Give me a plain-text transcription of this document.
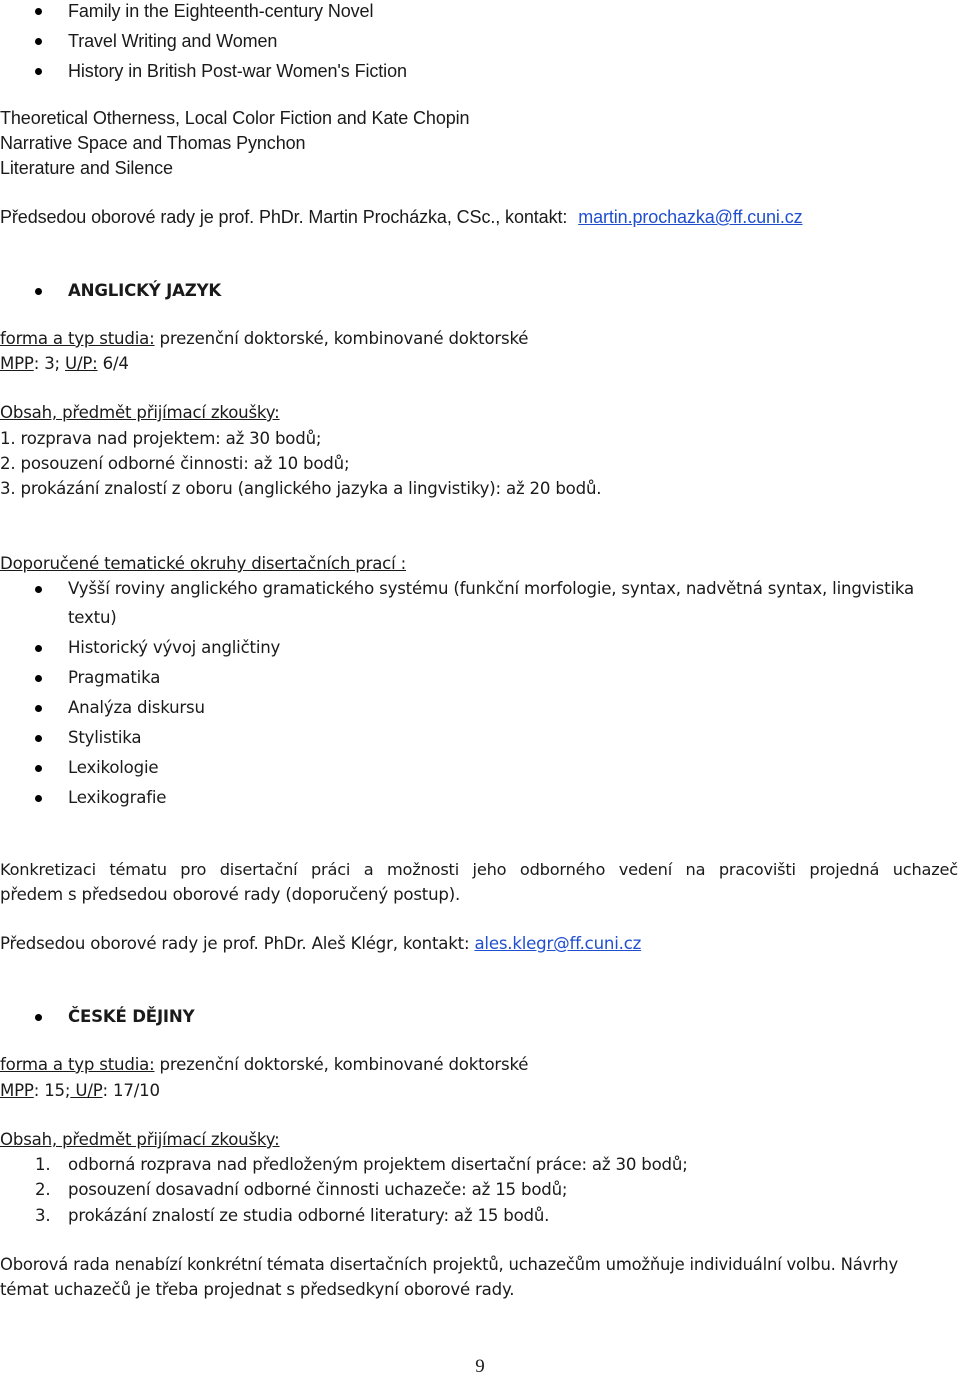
Family in the Eighteenth-century Novel
Travel Writing and Women
History in British Post-war Women's Fiction
Theoretical Otherness, Local Color Fiction and Kate Chopin
Narrative Space and Thomas Pynchon
Literature and Silence
Předsedou oborové rady je prof. PhDr. Martin Procházka, CSc., kontakt: martin.prochazka@ff.cuni.cz
ANGLICKÝ JAZYK
forma a typ studia: prezenční doktorské, kombinované doktorské
MPP: 3; U/P: 6/4
Obsah, předmět přijímací zkoušky:
1. rozprava nad projektem: až 30 bodů;
2. posouzení odborné činnosti: až 10 bodů;
3. prokázání znalostí z oboru (anglického jazyka a lingvistiky): až 20 bodů.
Doporučené tematické okruhy disertačních prací :
Vyšší roviny anglického gramatického systému (funkční morfologie, syntax, nadvětná syntax, lingvistika
textu)
Historický vývoj angličtiny
Pragmatika
Analýza diskursu
Stylistika
Lexikologie
Lexikografie
Konkretizaci tématu pro disertační práci a možnosti jeho odborného vedení na pracovišti projedná uchazeč
předem s předsedou oborové rady (doporučený postup).
Předsedou oborové rady je prof. PhDr. Aleš Klégr, kontakt: ales.klegr@ff.cuni.cz
ČESKÉ DĚJINY
forma a typ studia: prezenční doktorské, kombinované doktorské
MPP: 15; U/P: 17/10
Obsah, předmět přijímací zkoušky:
1. odborná rozprava nad předloženým projektem disertační práce: až 30 bodů;
2. posouzení dosavadní odborné činnosti uchazeče: až 15 bodů;
3. prokázání znalostí ze studia odborné literatury: až 15 bodů.
Oborová rada nenabízí konkrétní témata disertačních projektů, uchazečům umožňuje individuální volbu. Návrhy
témat uchazečů je třeba projednat s předsedkyní oborové rady.
9
